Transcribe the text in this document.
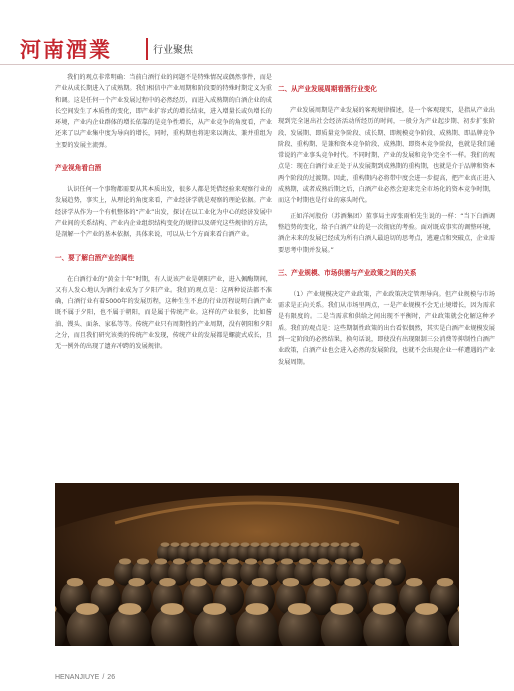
河南酒業	行业聚焦

我们的观点非常明确：当前白酒行业的问题不是特殊情况或偶然事件，而是产业从成长期进入了成熟期。我们相信中产业周期和阶段要的特殊时期定义为重和调。这是任何一个产业发展过程中的必然经历，而进入成熟期的白酒企业的成长空间发生了本质性的变化，即产业扩容式的增长结束，进入增量长或负增长的环境，产业内企业群体的增长依靠的是竞争性增长，从产业竞争的角度看，产业还来了以产业集中度为导向的增长，同时，重构期也将迎来以淘汰、兼并重组为主要的发展主流弹。

产业视角看白酒

认识任何一个事物都需要从其本质出发，很多人都是凭借经验来观察行业的发展趋势，事实上，从理论的角度来看，产业经济学就是观察的理论依据。产业经济学从作为一个有机整体的“产业”出发，探讨在以工业化为中心的经济发展中产业间的关系结构、产业内企业组织结构变化的规律以及研究这些规律的方法，是剖解一个产业的基本依据，具体来说，可以从七个方面来看白酒产业。

一、要了解白酒产业的属性

在白酒行业的“黄金十年”时期，有人说该产业是朝阳产业，进入佩酶期间，又有人发心地认为酒行业成为了夕阳产业。我们的观点是：这两种说法都不准确，白酒行业有着5000年的发展历程，这种生生不息的行业历程说明白酒产业既不属于夕阳，也不属于朝阳，而是属于传统产业。这样的产业很多，比如酱油、馒头、面条、家私等等。传统产业只有周期性的产业周期，没有朝阳和夕阳之分，而且我们研究该类的传统产业发现，传统产业的发展都是螺旋式成长，且无一例外的出现了遗弃冲跨的发展规律。

二、从产业发展周期看酒行业变化

产业发展周期是产业发展的客观规律描述，是一个客观现实，是指从产业出现到完全退出社会经济活动所经历的时间，一般分为产业起步期、初步扩张阶段、发展期、即质量竞争阶段、成长期、即规模竞争阶段、成熟期、即品牌竞争阶段、重构期、是兼和资本竞争阶段、成熟期、即资本竞争阶段，也就是我们通常说的产业事头竞争时代。不同时期、产业的发展和竞争完全不一样。我们的观点是：现在白酒行业正处于从发展期到成熟期的重构期，也就是介于品牌和资本两个阶段的过渡期。因此，重构期内必将带中度会进一步提高，把产业真正进入成熟期，或者成熟后期之后，白酒产业必然会迎来完全市场化的资本竞争时期，而这个时期也是行业的寡头时代。

正如洋河股份（苏酒集团）董事局主席张雨柏先生说的一样：“当下白酒调整趋势的变化，给予白酒产业的是一次彻底的考验。面对既成事实的调整环境，酒企未来的发展已经成为所有白酒人最迫切的思考点，逃避点和突破点，企业需要思考中期并发展。”

三、产业规模、市场供需与产业政策之间的关系

（1）产业规模决定产业政策，产业政策决定管理导向。但产业规模与市场需求是正向关系。我们从市场里两点，一是产业规模不会无止境增长，因为需求是有限度的。二是当需求和供给之间出现不平衡时，产业政策就会化解这种矛盾。我们的观点是：这些期制性政策的出台看似偶然，其实是白酒产业规模发展到一定阶段的必然结果，换句话说，即使没有出现限制三公消费等抑制性白酒产业政策，白酒产业也会进入必然的发展阶段，也就不会出现企业一样遭遇的产业发展周期。

HENANJIUYE / 26
